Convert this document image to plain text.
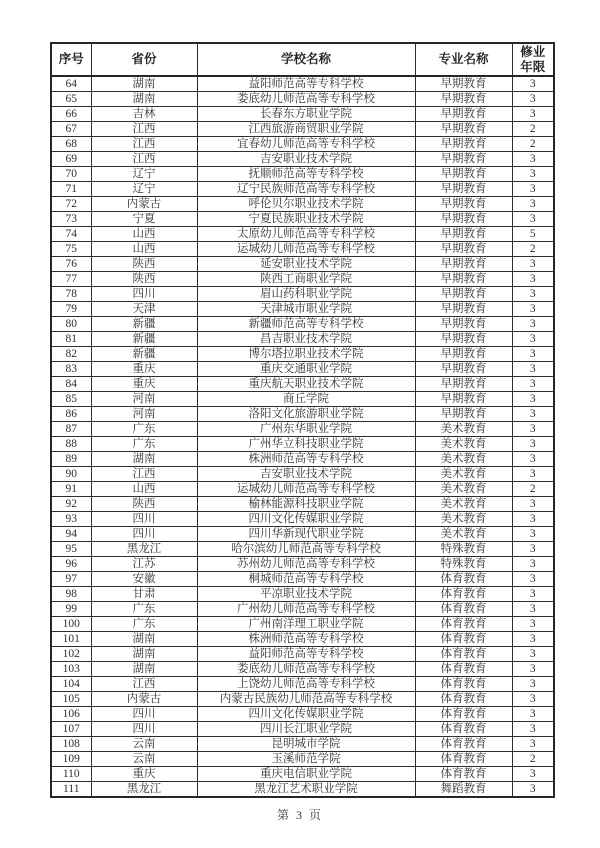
序号	省份	学校名称	专业名称	修业年限
64	湖南	益阳师范高等专科学校	早期教育	3
65	湖南	娄底幼儿师范高等专科学校	早期教育	3
66	吉林	长春东方职业学院	早期教育	3
67	江西	江西旅游商贸职业学院	早期教育	2
68	江西	宜春幼儿师范高等专科学校	早期教育	2
69	江西	吉安职业技术学院	早期教育	3
70	辽宁	抚顺师范高等专科学校	早期教育	3
71	辽宁	辽宁民族师范高等专科学校	早期教育	3
72	内蒙古	呼伦贝尔职业技术学院	早期教育	3
73	宁夏	宁夏民族职业技术学院	早期教育	3
74	山西	太原幼儿师范高等专科学校	早期教育	5
75	山西	运城幼儿师范高等专科学校	早期教育	2
76	陕西	延安职业技术学院	早期教育	3
77	陕西	陕西工商职业学院	早期教育	3
78	四川	眉山药科职业学院	早期教育	3
79	天津	天津城市职业学院	早期教育	3
80	新疆	新疆师范高等专科学校	早期教育	3
81	新疆	昌吉职业技术学院	早期教育	3
82	新疆	博尔塔拉职业技术学院	早期教育	3
83	重庆	重庆交通职业学院	早期教育	3
84	重庆	重庆航天职业技术学院	早期教育	3
85	河南	商丘学院	早期教育	3
86	河南	洛阳文化旅游职业学院	早期教育	3
87	广东	广州东华职业学院	美术教育	3
88	广东	广州华立科技职业学院	美术教育	3
89	湖南	株洲师范高等专科学校	美术教育	3
90	江西	吉安职业技术学院	美术教育	3
91	山西	运城幼儿师范高等专科学校	美术教育	2
92	陕西	榆林能源科技职业学院	美术教育	3
93	四川	四川文化传媒职业学院	美术教育	3
94	四川	四川华新现代职业学院	美术教育	3
95	黑龙江	哈尔滨幼儿师范高等专科学校	特殊教育	3
96	江苏	苏州幼儿师范高等专科学校	特殊教育	3
97	安徽	桐城师范高等专科学校	体育教育	3
98	甘肃	平凉职业技术学院	体育教育	3
99	广东	广州幼儿师范高等专科学校	体育教育	3
100	广东	广州南洋理工职业学院	体育教育	3
101	湖南	株洲师范高等专科学校	体育教育	3
102	湖南	益阳师范高等专科学校	体育教育	3
103	湖南	娄底幼儿师范高等专科学校	体育教育	3
104	江西	上饶幼儿师范高等专科学校	体育教育	3
105	内蒙古	内蒙古民族幼儿师范高等专科学校	体育教育	3
106	四川	四川文化传媒职业学院	体育教育	3
107	四川	四川长江职业学院	体育教育	3
108	云南	昆明城市学院	体育教育	3
109	云南	玉溪师范学院	体育教育	2
110	重庆	重庆电信职业学院	体育教育	3
111	黑龙江	黑龙江艺术职业学院	舞蹈教育	3
第 3 页
